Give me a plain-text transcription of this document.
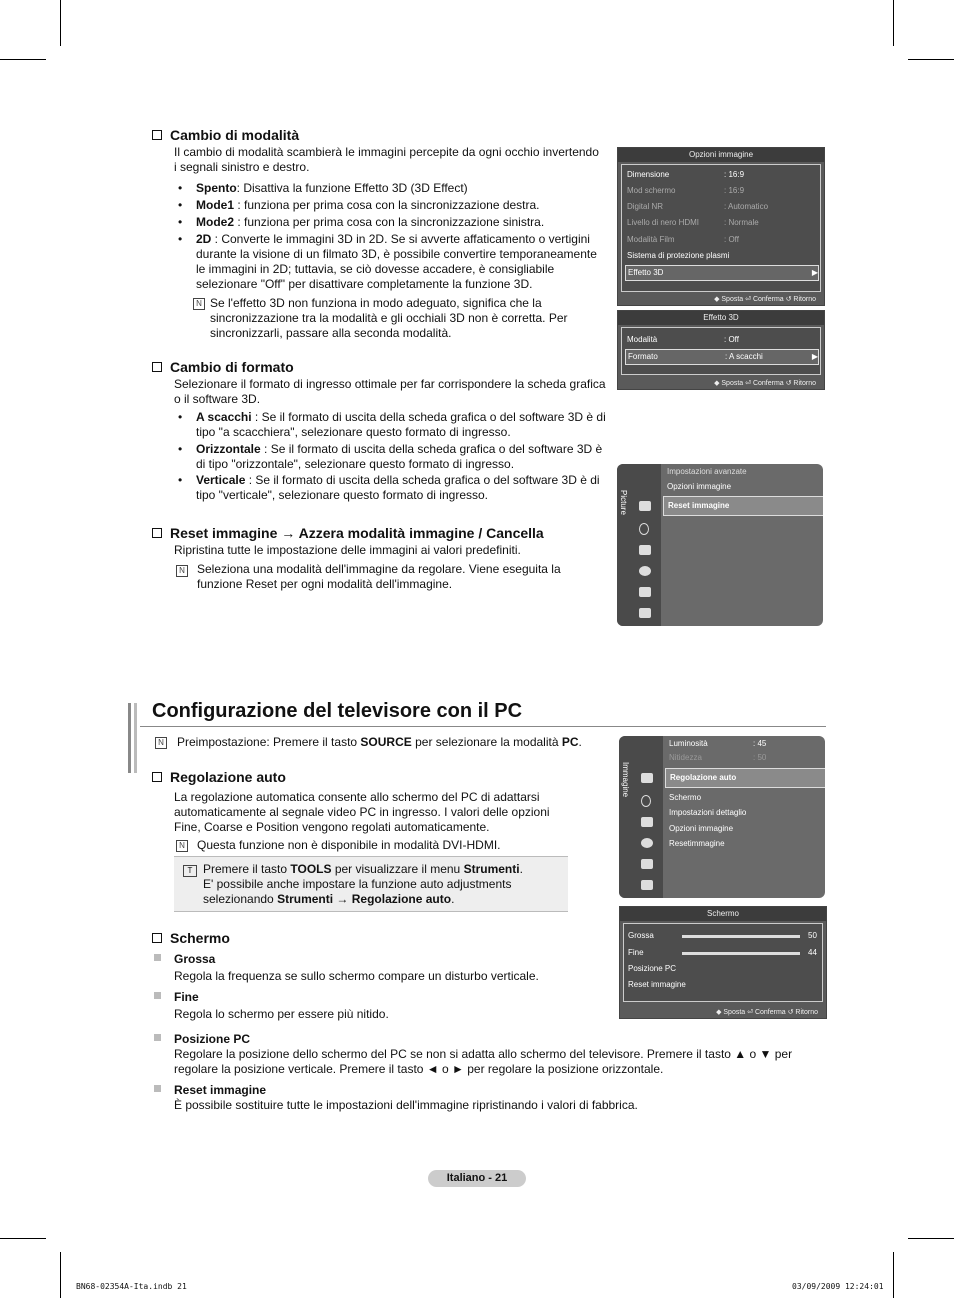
Cambio di modalità
Il cambio di modalità scambierà le immagini percepite da ogni occhio invertendo i segnali sinistro e destro.
• Spento: Disattiva la funzione Effetto 3D (3D Effect)
• Mode1 : funziona per prima cosa con la sincronizzazione destra.
• Mode2 : funziona per prima cosa con la sincronizzazione sinistra.
• 2D : Converte le immagini 3D in 2D. Se si avverte affaticamento o vertigini durante la visione di un filmato 3D, è possibile convertire temporaneamente le immagini in 2D; tuttavia, se ciò dovesse accadere, è consigliabile selezionare "Off" per disattivare completamente la funzione 3D.
N Se l'effetto 3D non funziona in modo adeguato, significa che la sincronizzazione tra la modalità e gli occhiali 3D non è corretta. Per sincronizzarli, passare alla seconda modalità.
Cambio di formato
Selezionare il formato di ingresso ottimale per far corrispondere la scheda grafica o il software 3D.
• A scacchi : Se il formato di uscita della scheda grafica o del software 3D è di tipo "a scacchiera", selezionare questo formato di ingresso.
• Orizzontale : Se il formato di uscita della scheda grafica o del software 3D è di tipo "orizzontale", selezionare questo formato di ingresso.
• Verticale : Se il formato di uscita della scheda grafica o del software 3D è di tipo "verticale", selezionare questo formato di ingresso.
Reset immagine → Azzera modalità immagine / Cancella
Ripristina tutte le impostazione delle immagini ai valori predefiniti.
N Seleziona una modalità dell'immagine da regolare. Viene eseguita la funzione Reset per ogni modalità dell'immagine.
Opzioni immagine
Dimensione	: 16:9
Mod schermo	: 16:9
Digital NR	: Automatico
Livello di nero HDMI	: Normale
Modalità Film	: Off
Sistema di protezione plasmi
Effetto 3D	▶
◆ Sposta ⏎ Conferma ↺ Ritorno
Effetto 3D
Modalità	: Off
Formato	: A scacchi	▶
◆ Sposta ⏎ Conferma ↺ Ritorno
Picture
Impostazioni avanzate
Opzioni immagine
Reset immagine
Configurazione del televisore con il PC
N Preimpostazione: Premere il tasto SOURCE per selezionare la modalità PC.
Regolazione auto
La regolazione automatica consente allo schermo del PC di adattarsi automaticamente al segnale video PC in ingresso. I valori delle opzioni Fine, Coarse e Position vengono regolati automaticamente.
N Questa funzione non è disponibile in modalità DVI-HDMI.
T Premere il tasto TOOLS per visualizzare il menu Strumenti.
E' possibile anche impostare la funzione auto adjustments selezionando Strumenti → Regolazione auto.
Immagine
Luminosità	: 45
Nitidezza	: 50
Regolazione auto
Schermo
Impostazioni dettaglio
Opzioni immagine
Resetimmagine
Schermo
Grossa	50
Fine	44
Posizione PC
Reset immagine
◆ Sposta ⏎ Conferma ↺ Ritorno
Schermo
Grossa
Regola la frequenza se sullo schermo compare un disturbo verticale.
Fine
Regola lo schermo per essere più nitido.
Posizione PC
Regolare la posizione dello schermo del PC se non si adatta allo schermo del televisore. Premere il tasto ▲ o ▼ per regolare la posizione verticale. Premere il tasto ◄ o ► per regolare la posizione orizzontale.
Reset immagine
È possibile sostituire tutte le impostazioni dell'immagine ripristinando i valori di fabbrica.
Italiano - 21
BN68-02354A-Ita.indb 21	03/09/2009 12:24:01
